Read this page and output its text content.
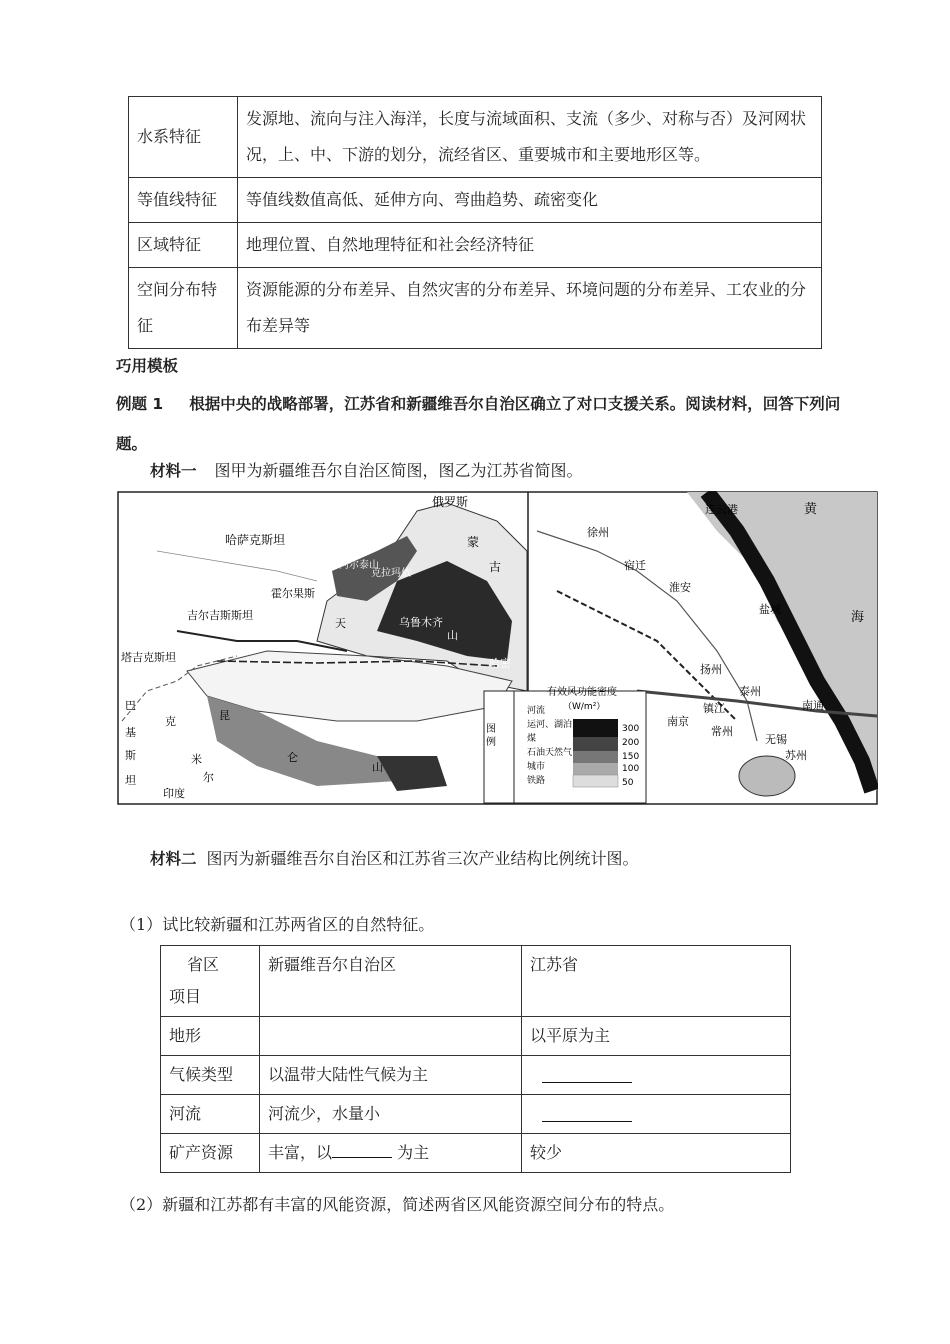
水系特征	发源地、流向与注入海洋，长度与流域面积、支流（多少、对称与否）及河网状况，上、中、下游的划分，流经省区、重要城市和主要地形区等。
等值线特征	等值线数值高低、延伸方向、弯曲趋势、疏密变化
区域特征	地理位置、自然地理特征和社会经济特征
空间分布特征	资源能源的分布差异、自然灾害的分布差异、环境问题的分布差异、工农业的分布差异等
巧用模板
例题 1 根据中央的战略部署，江苏省和新疆维吾尔自治区确立了对口支援关系。阅读材料，回答下列问题。
材料一 图甲为新疆维吾尔自治区简图，图乙为江苏省简图。
图 例
河流
运河、湖泊
煤
石油天然气
城市
铁路
有效风功能密度
（W/m²）
300
200
150
100
50
俄罗斯
哈萨克斯坦	蒙
古
阿尔泰山
克拉玛依
霍尔果斯
吉尔吉斯斯坦
天	乌鲁木齐
山
塔吉克斯坦	哈密
巴
基
斯
坦
克
米
尔
昆
仑
山
印度
黄
海
连云港
徐州
宿迁
淮安
盐城
扬州
泰州
南京
镇江
常州
南通
无锡
苏州
材料二 图丙为新疆维吾尔自治区和江苏省三次产业结构比例统计图。
（1）试比较新疆和江苏两省区的自然特征。
省区
项目	新疆维吾尔自治区	江苏省
地形		以平原为主
气候类型	以温带大陆性气候为主	
河流	河流少，水量小	
矿产资源	丰富，以 为主	较少
（2）新疆和江苏都有丰富的风能资源，简述两省区风能资源空间分布的特点。
